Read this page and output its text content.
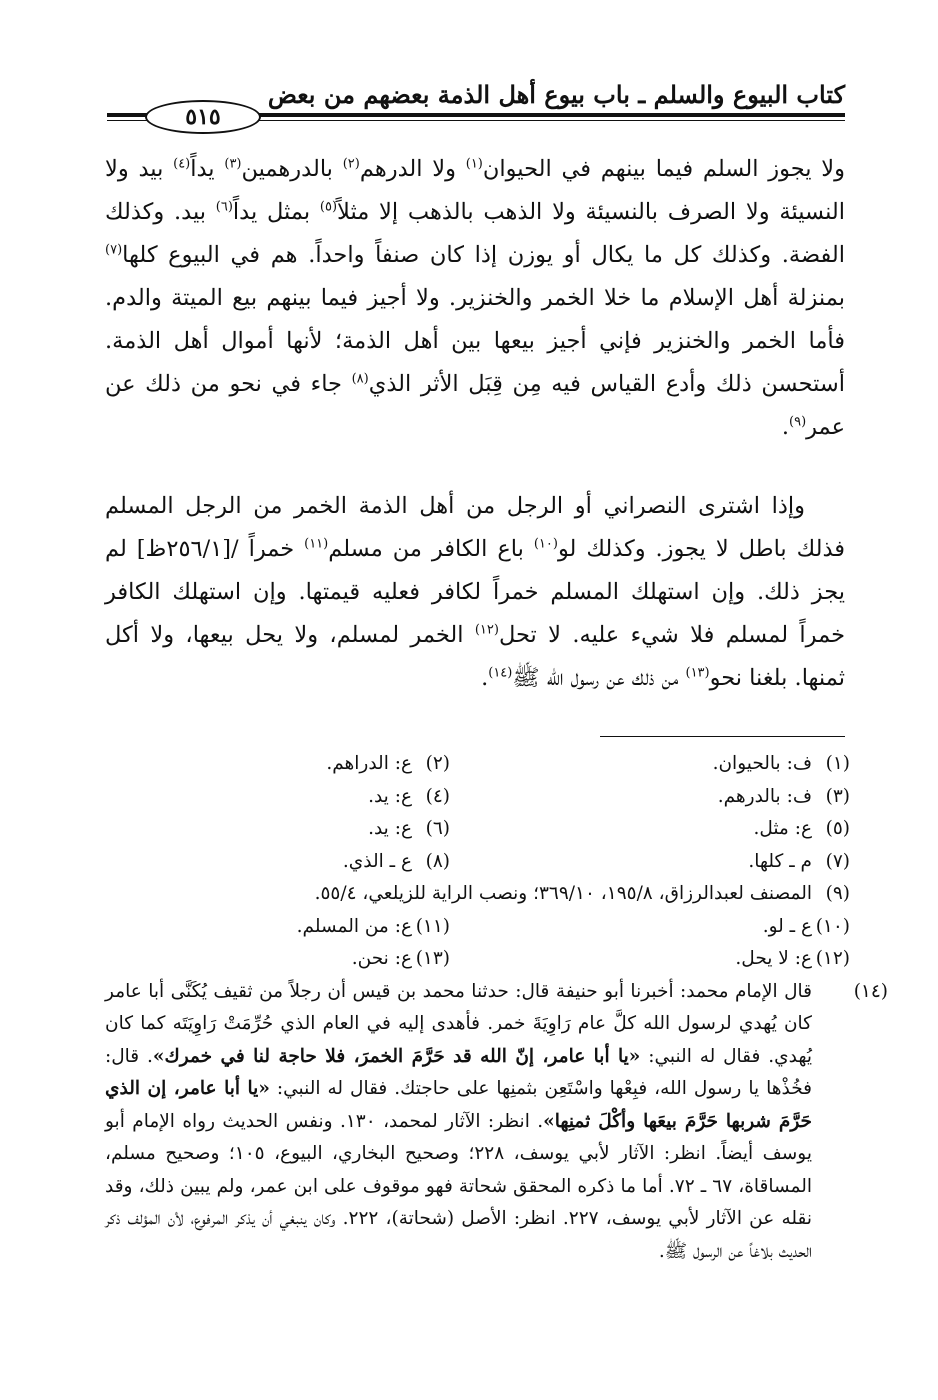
كتاب البيوع والسلم ـ باب بيوع أهل الذمة بعضهم من بعض
٥١٥

ولا يجوز السلم فيما بينهم في الحيوان$^{(١)}$ ولا الدرهم$^{(٢)}$ بالدرهمين$^{(٣)}$ يداً$^{(٤)}$ بيد ولا النسيئة ولا الصرف بالنسيئة ولا الذهب بالذهب إلا مثلاً$^{(٥)}$ بمثل يداً$^{(٦)}$ بيد. وكذلك الفضة. وكذلك كل ما يكال أو يوزن إذا كان صنفاً واحداً. هم في البيوع كلها$^{(٧)}$ بمنزلة أهل الإسلام ما خلا الخمر والخنزير. ولا أجيز فيما بينهم بيع الميتة والدم. فأما الخمر والخنزير فإني أجيز بيعها بين أهل الذمة؛ لأنها أموال أهل الذمة. أستحسن ذلك وأدع القياس فيه مِن قِبَل الأثر الذي$^{(٨)}$ جاء في نحو من ذلك عن عمر$^{(٩)}$.

وإذا اشترى النصراني أو الرجل من أهل الذمة الخمر من الرجل المسلم فذلك باطل لا يجوز. وكذلك لو$^{(١٠)}$ باع الكافر من مسلم$^{(١١)}$ خمراً /[٢٥٦/١ظ] لم يجز ذلك. وإن استهلك المسلم خمراً لكافر فعليه قيمتها. وإن استهلك الكافر خمراً لمسلم فلا شيء عليه. لا تحل$^{(١٢)}$ الخمر لمسلم، ولا يحل بيعها، ولا أكل ثمنها. بلغنا نحو$^{(١٣)}$ من ذلك عن رسول الله ﷺ$^{(١٤)}$.

(١)ف: بالحيوان.

(٢)ع: الدراهم.

(٣)ف: بالدرهم.

(٤)ع: يد.

(٥)ع: مثل.

(٦)ع: يد.

(٧)م ـ كلها.

(٨)ع ـ الذي.

(٩)المصنف لعبدالرزاق، ١٩٥/٨، ٣٦٩/١٠؛ ونصب الراية للزيلعي، ٥٥/٤.

(١٠)ع ـ لو.

(١١)ع: من المسلم.

(١٢)ع: لا يحل.

(١٣)ع: نحن.

(١٤)قال الإمام محمد: أخبرنا أبو حنيفة قال: حدثنا محمد بن قيس أن رجلاً من ثقيف يُكَنَّى أبا عامر كان يُهدي لرسول الله كلَّ عام رَاوِيَةَ خمر. فأهدى إليه في العام الذي حُرِّمَتْ رَاوِيَتَه كما كان يُهدي. فقال له النبي: «يا أبا عامر، إنّ الله قد حَرَّمَ الخمرَ، فلا حاجة لنا في خمرك». قال: فخُذْها يا رسول الله، فبِعْها واسْتَعِن بثمنِها على حاجتك. فقال له النبي: «يا أبا عامر، إن الذي حَرَّمَ شربها حَرَّمَ بيعَها وأكْلَ ثمنِها». انظر: الآثار لمحمد، ١٣٠. ونفس الحديث رواه الإمام أبو يوسف أيضاً. انظر: الآثار لأبي يوسف، ٢٢٨؛ وصحيح البخاري، البيوع، ١٠٥؛ وصحيح مسلم، المساقاة، ٦٧ ـ ٧٢. أما ما ذكره المحقق شحاتة فهو موقوف على ابن عمر، ولم يبين ذلك، وقد نقله عن الآثار لأبي يوسف، ٢٢٧. انظر: الأصل (شحاتة)، ٢٢٢. وكان ينبغي أن يذكر المرفوع، لأن المؤلف ذكر الحديث بلاغاً عن الرسول ﷺ.
